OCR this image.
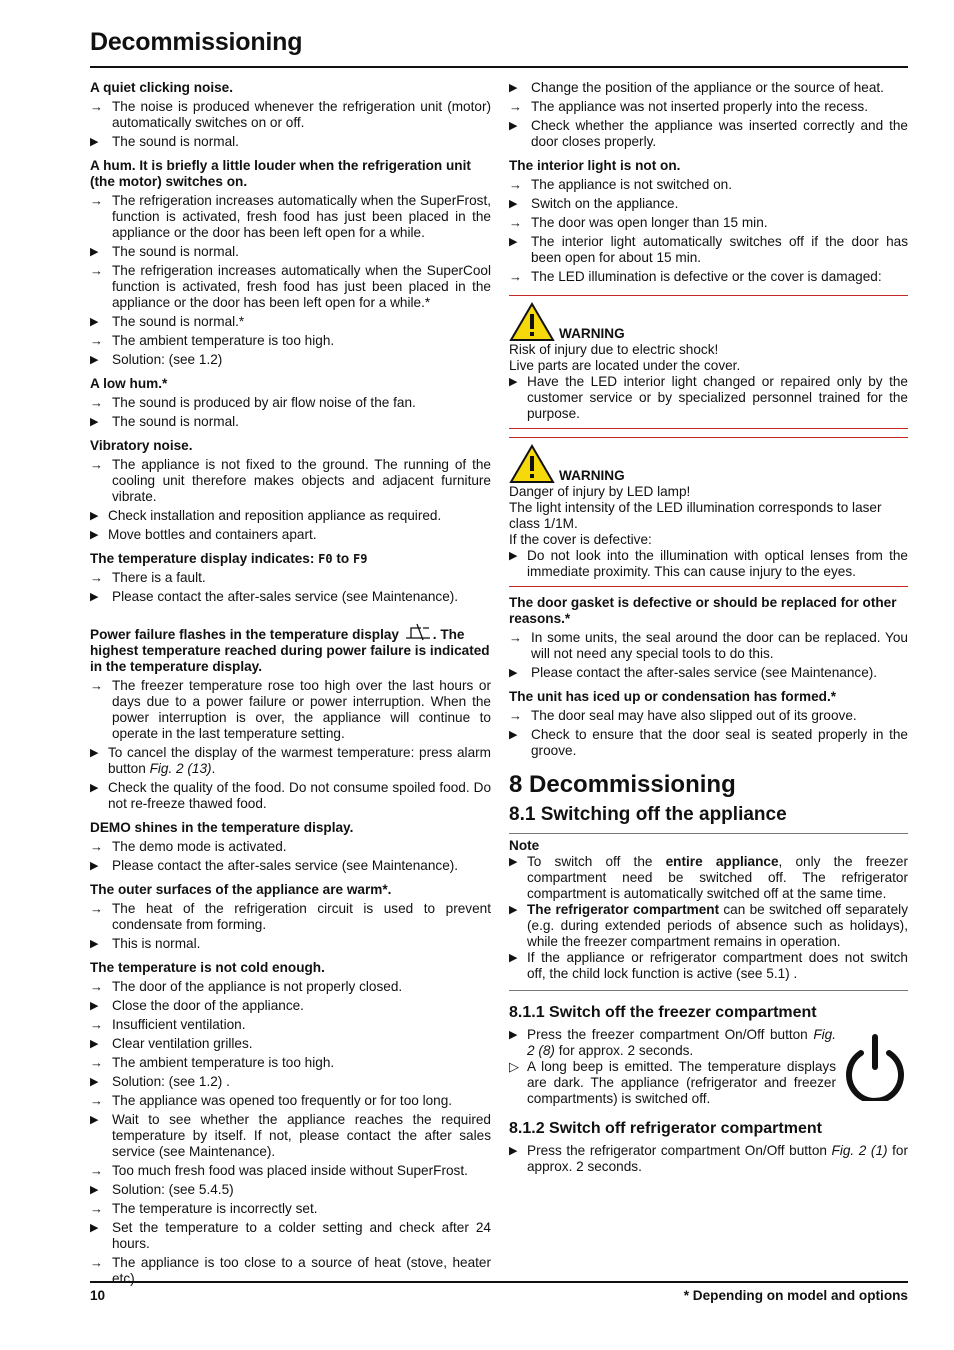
Decommissioning
A quiet clicking noise.
→ The noise is produced whenever the refrigeration unit (motor) automatically switches on or off.
▶ The sound is normal.
A hum. It is briefly a little louder when the refrigeration unit (the motor) switches on.
→ The refrigeration increases automatically when the SuperFrost, function is activated, fresh food has just been placed in the appliance or the door has been left open for a while.
▶ The sound is normal.
→ The refrigeration increases automatically when the SuperCool function is activated, fresh food has just been placed in the appliance or the door has been left open for a while.*
▶ The sound is normal.*
→ The ambient temperature is too high.
▶ Solution: (see 1.2)
A low hum.*
→ The sound is produced by air flow noise of the fan.
▶ The sound is normal.
Vibratory noise.
→ The appliance is not fixed to the ground. The running of the cooling unit therefore makes objects and adjacent furniture vibrate.
▶ Check installation and reposition appliance as required.
▶ Move bottles and containers apart.
The temperature display indicates: F0 to F9
→ There is a fault.
▶ Please contact the after-sales service (see Maintenance).
Power failure flashes in the temperature display . The highest temperature reached during power failure is indicated in the temperature display.
→ The freezer temperature rose too high over the last hours or days due to a power failure or power interruption. When the power interruption is over, the appliance will continue to operate in the last temperature setting.
▶ To cancel the display of the warmest temperature: press alarm button Fig. 2 (13).
▶ Check the quality of the food. Do not consume spoiled food. Do not re-freeze thawed food.
DEMO shines in the temperature display.
→ The demo mode is activated.
▶ Please contact the after-sales service (see Maintenance).
The outer surfaces of the appliance are warm*.
→ The heat of the refrigeration circuit is used to prevent condensate from forming.
▶ This is normal.
The temperature is not cold enough.
→ The door of the appliance is not properly closed.
▶ Close the door of the appliance.
→ Insufficient ventilation.
▶ Clear ventilation grilles.
→ The ambient temperature is too high.
▶ Solution: (see 1.2) .
→ The appliance was opened too frequently or for too long.
▶ Wait to see whether the appliance reaches the required temperature by itself. If not, please contact the after sales service (see Maintenance).
→ Too much fresh food was placed inside without SuperFrost.
▶ Solution: (see 5.4.5)
→ The temperature is incorrectly set.
▶ Set the temperature to a colder setting and check after 24 hours.
→ The appliance is too close to a source of heat (stove, heater etc).
▶ Change the position of the appliance or the source of heat.
→ The appliance was not inserted properly into the recess.
▶ Check whether the appliance was inserted correctly and the door closes properly.
The interior light is not on.
→ The appliance is not switched on.
▶ Switch on the appliance.
→ The door was open longer than 15 min.
▶ The interior light automatically switches off if the door has been open for about 15 min.
→ The LED illumination is defective or the cover is damaged:
WARNING
Risk of injury due to electric shock!
Live parts are located under the cover.
▶ Have the LED interior light changed or repaired only by the customer service or by specialized personnel trained for the purpose.
WARNING
Danger of injury by LED lamp!
The light intensity of the LED illumination corresponds to laser class 1/1M.
If the cover is defective:
▶ Do not look into the illumination with optical lenses from the immediate proximity. This can cause injury to the eyes.
The door gasket is defective or should be replaced for other reasons.*
→ In some units, the seal around the door can be replaced. You will not need any special tools to do this.
▶ Please contact the after-sales service (see Maintenance).
The unit has iced up or condensation has formed.*
→ The door seal may have also slipped out of its groove.
▶ Check to ensure that the door seal is seated properly in the groove.
8 Decommissioning
8.1 Switching off the appliance
Note
▶ To switch off the entire appliance, only the freezer compartment need be switched off. The refrigerator compartment is automatically switched off at the same time.
▶ The refrigerator compartment can be switched off separately (e.g. during extended periods of absence such as holidays), while the freezer compartment remains in operation.
▶ If the appliance or refrigerator compartment does not switch off, the child lock function is active (see 5.1) .
8.1.1 Switch off the freezer compartment
▶ Press the freezer compartment On/Off button Fig. 2 (8) for approx. 2 seconds.
▷ A long beep is emitted. The temperature displays are dark. The appliance (refrigerator and freezer compartments) is switched off.
8.1.2 Switch off refrigerator compartment
▶ Press the refrigerator compartment On/Off button Fig. 2 (1) for approx. 2 seconds.
10	* Depending on model and options
